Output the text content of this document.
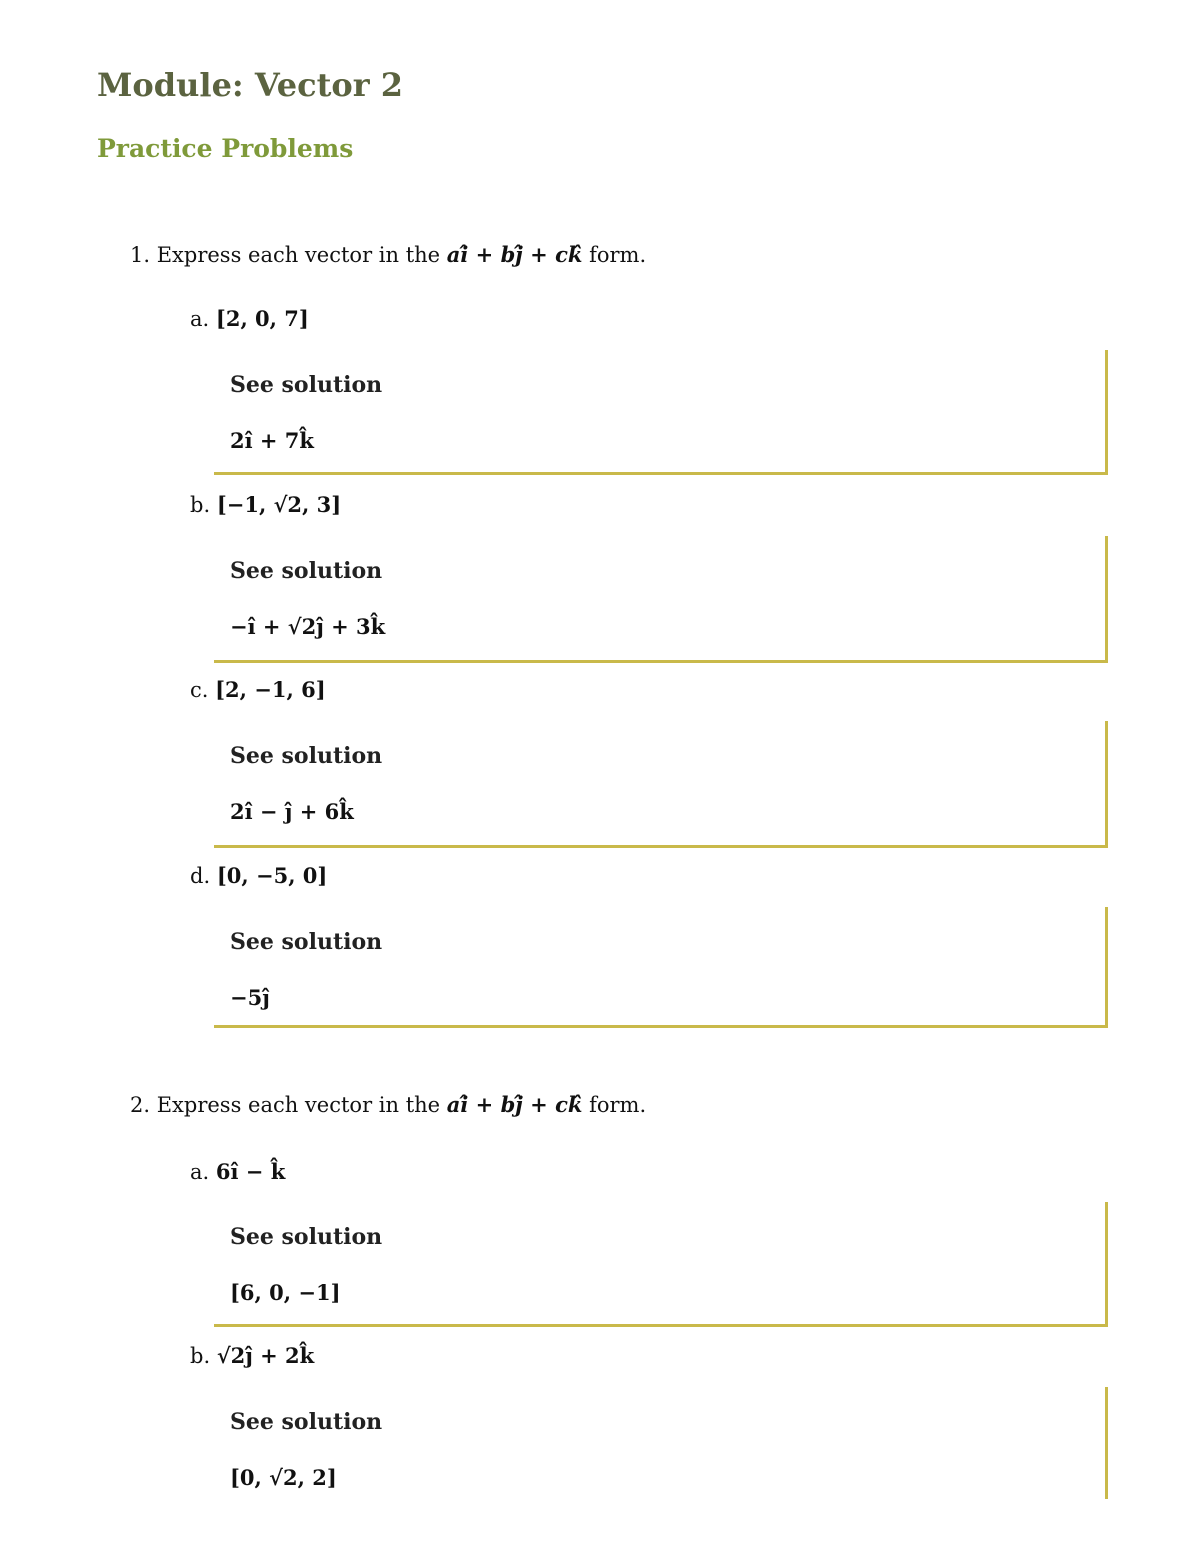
Module: Vector 2
Practice Problems

1. Express each vector in the 𝒂𝒊̂ + 𝒃𝒋̂ + 𝒄𝒌̂ form.

a. [2, 0, 7]

See solution

2î + 7k̂

b. [−1, √2, 3]

See solution

−î + √2ĵ + 3k̂

c. [2, −1, 6]

See solution

2î − ĵ + 6k̂

d. [0, −5, 0]

See solution

−5ĵ

2. Express each vector in the 𝒂𝒊̂ + 𝒃𝒋̂ + 𝒄𝒌̂ form.

a. 6î − k̂

See solution

[6, 0, −1]

b. √2ĵ + 2k̂

See solution

[0, √2, 2]
